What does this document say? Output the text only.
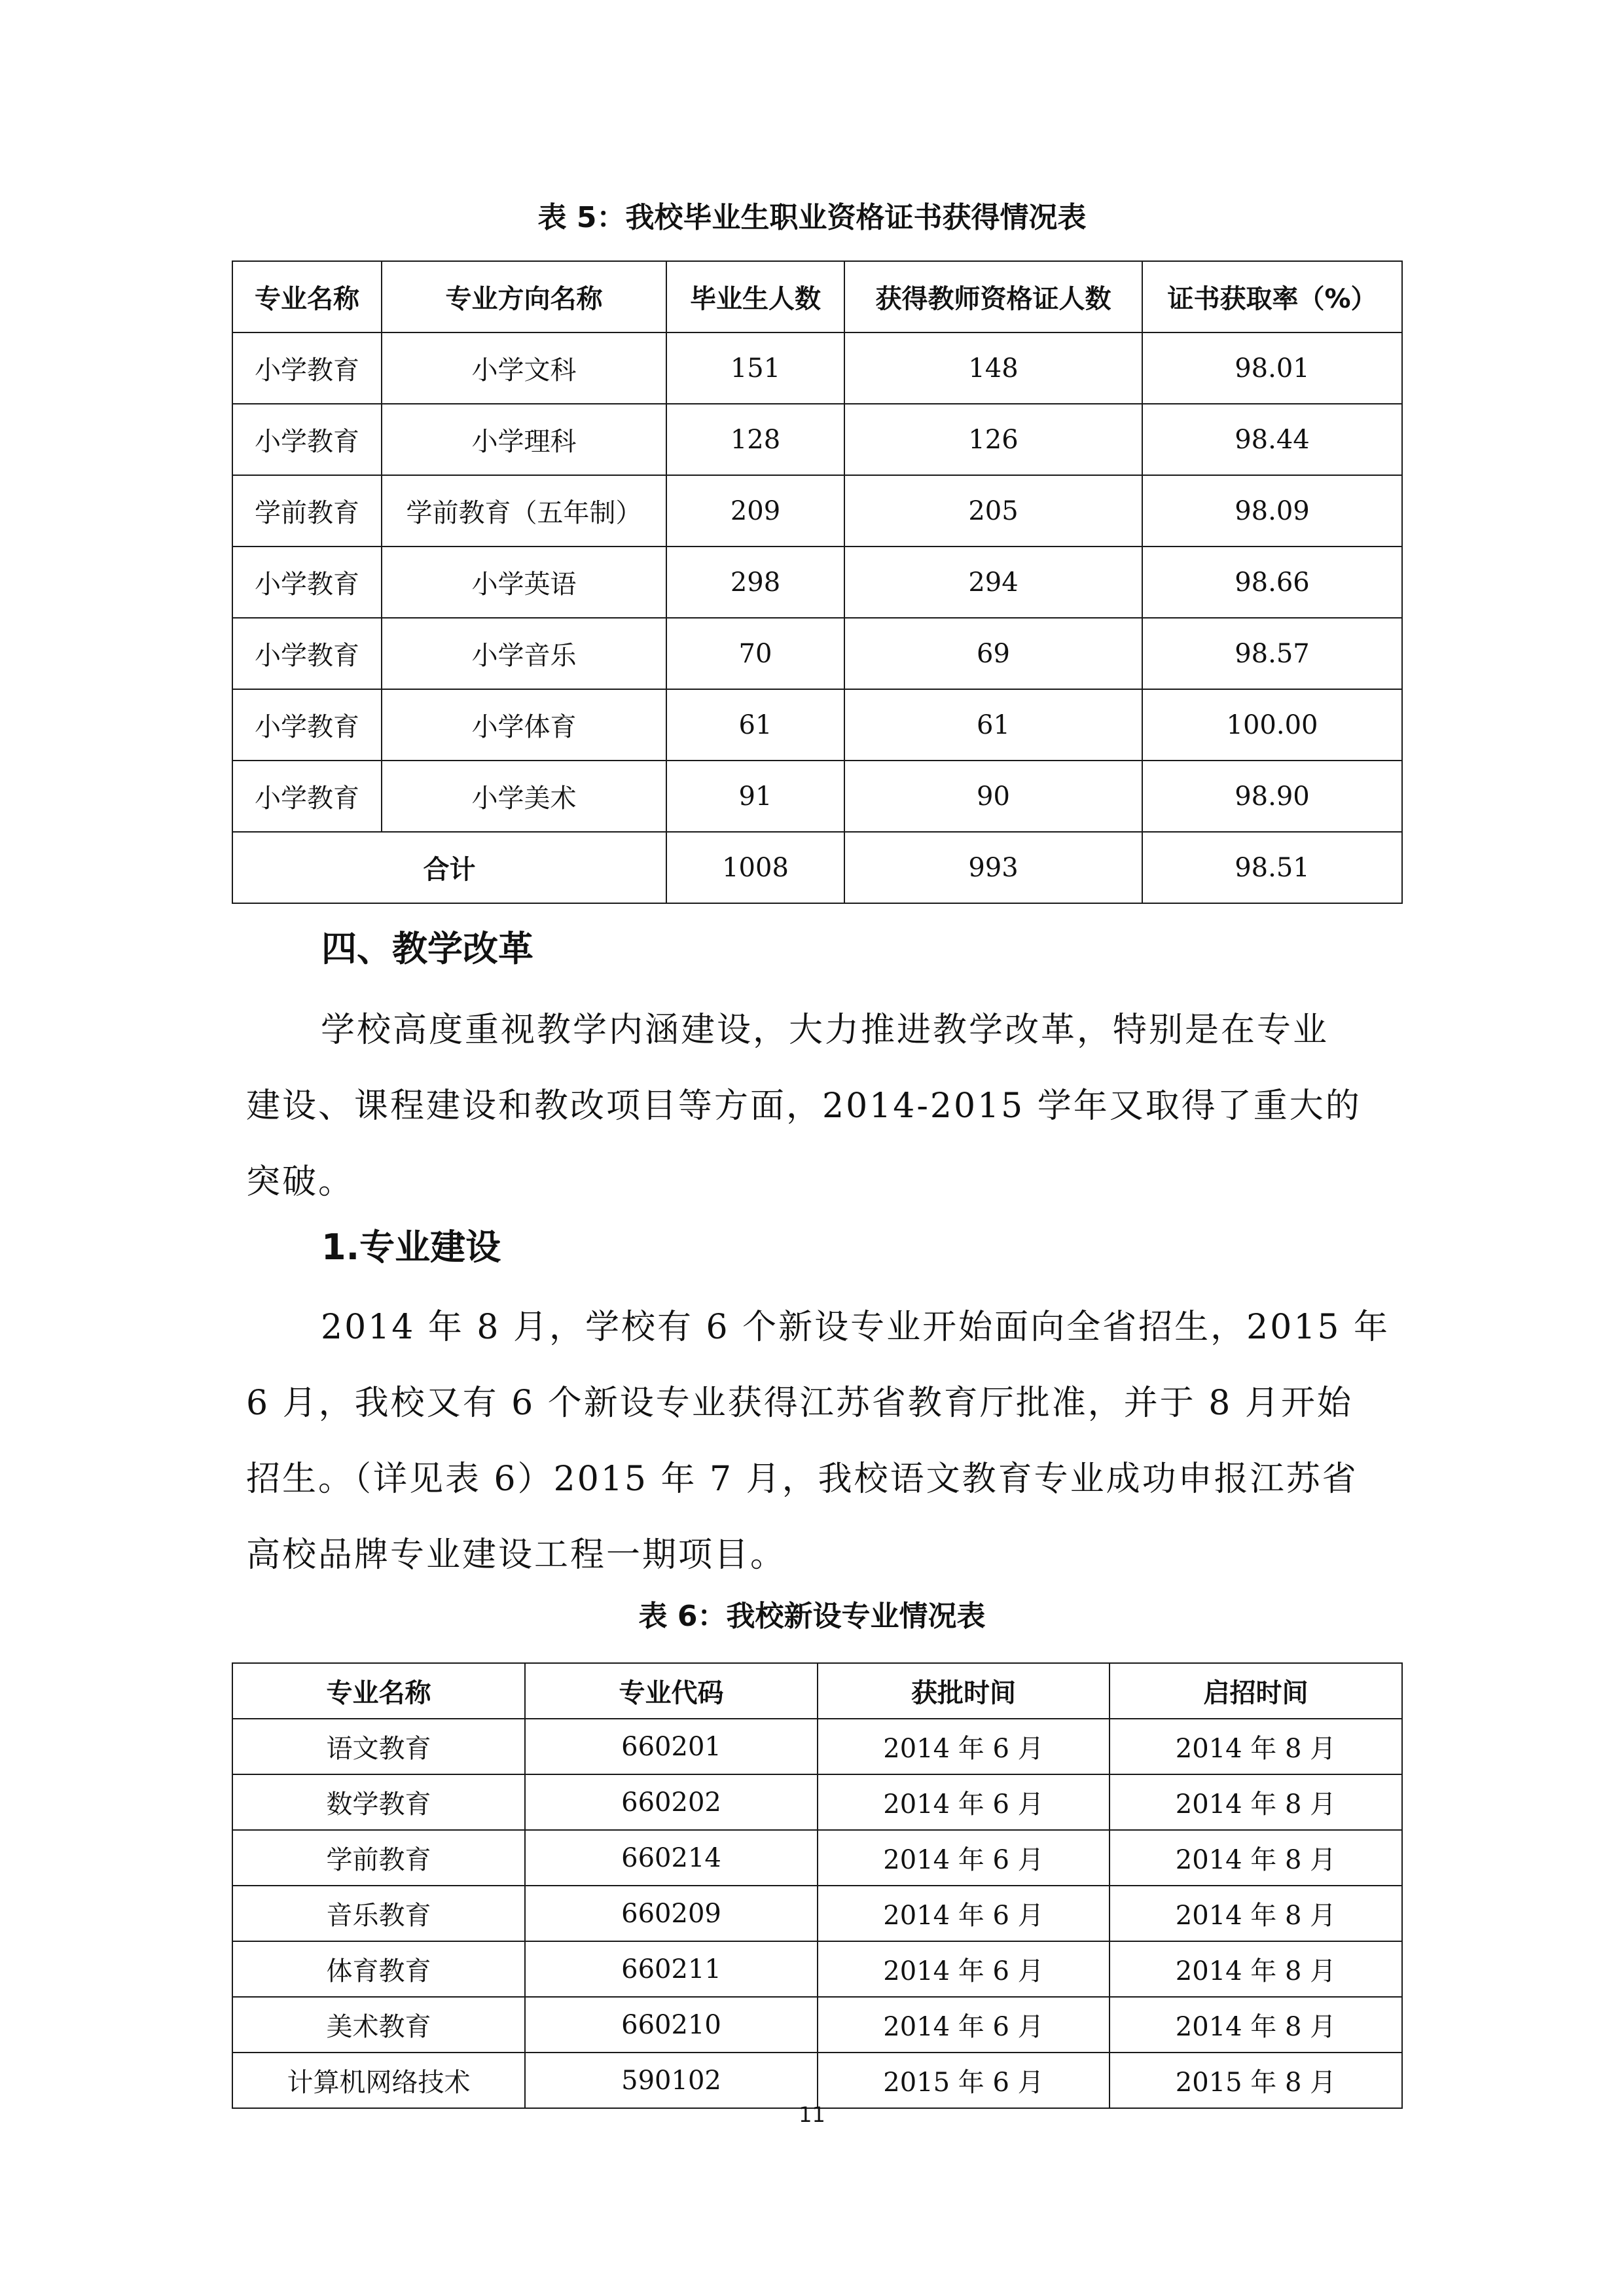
表 5：我校毕业生职业资格证书获得情况表
专业名称	专业方向名称	毕业生人数	获得教师资格证人数	证书获取率（%）
小学教育	小学文科	151	148	98.01
小学教育	小学理科	128	126	98.44
学前教育	学前教育（五年制）	209	205	98.09
小学教育	小学英语	298	294	98.66
小学教育	小学音乐	70	69	98.57
小学教育	小学体育	61	61	100.00
小学教育	小学美术	91	90	98.90
合计		1008	993	98.51
四、教学改革
学校高度重视教学内涵建设，大力推进教学改革，特别是在专业
建设、课程建设和教改项目等方面，2014-2015 学年又取得了重大的
突破。
1.专业建设
2014 年 8 月，学校有 6 个新设专业开始面向全省招生，2015 年
6 月，我校又有 6 个新设专业获得江苏省教育厅批准，并于 8 月开始
招生。（详见表 6）2015 年 7 月，我校语文教育专业成功申报江苏省
高校品牌专业建设工程一期项目。
表 6：我校新设专业情况表
专业名称	专业代码	获批时间	启招时间
语文教育	660201	2014 年 6 月	2014 年 8 月
数学教育	660202	2014 年 6 月	2014 年 8 月
学前教育	660214	2014 年 6 月	2014 年 8 月
音乐教育	660209	2014 年 6 月	2014 年 8 月
体育教育	660211	2014 年 6 月	2014 年 8 月
美术教育	660210	2014 年 6 月	2014 年 8 月
计算机网络技术	590102	2015 年 6 月	2015 年 8 月
11
